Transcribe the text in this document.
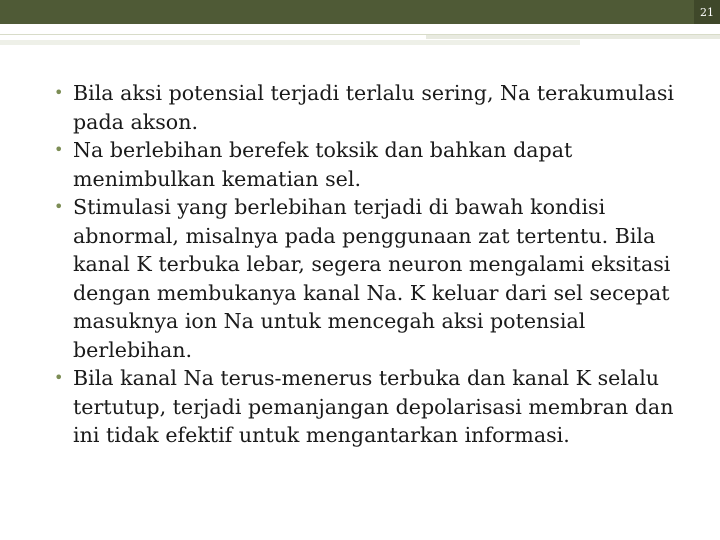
21
• Bila aksi potensial terjadi terlalu sering, Na terakumulasi pada akson.
• Na berlebihan berefek toksik dan bahkan dapat menimbulkan kematian sel.
• Stimulasi yang berlebihan terjadi di bawah kondisi abnormal, misalnya pada penggunaan zat tertentu. Bila kanal K terbuka lebar, segera neuron mengalami eksitasi dengan membukanya kanal Na. K keluar dari sel secepat masuknya ion Na untuk mencegah aksi potensial berlebihan.
• Bila kanal Na terus-menerus terbuka dan kanal K selalu tertutup, terjadi pemanjangan depolarisasi membran dan ini tidak efektif untuk mengantarkan informasi.
